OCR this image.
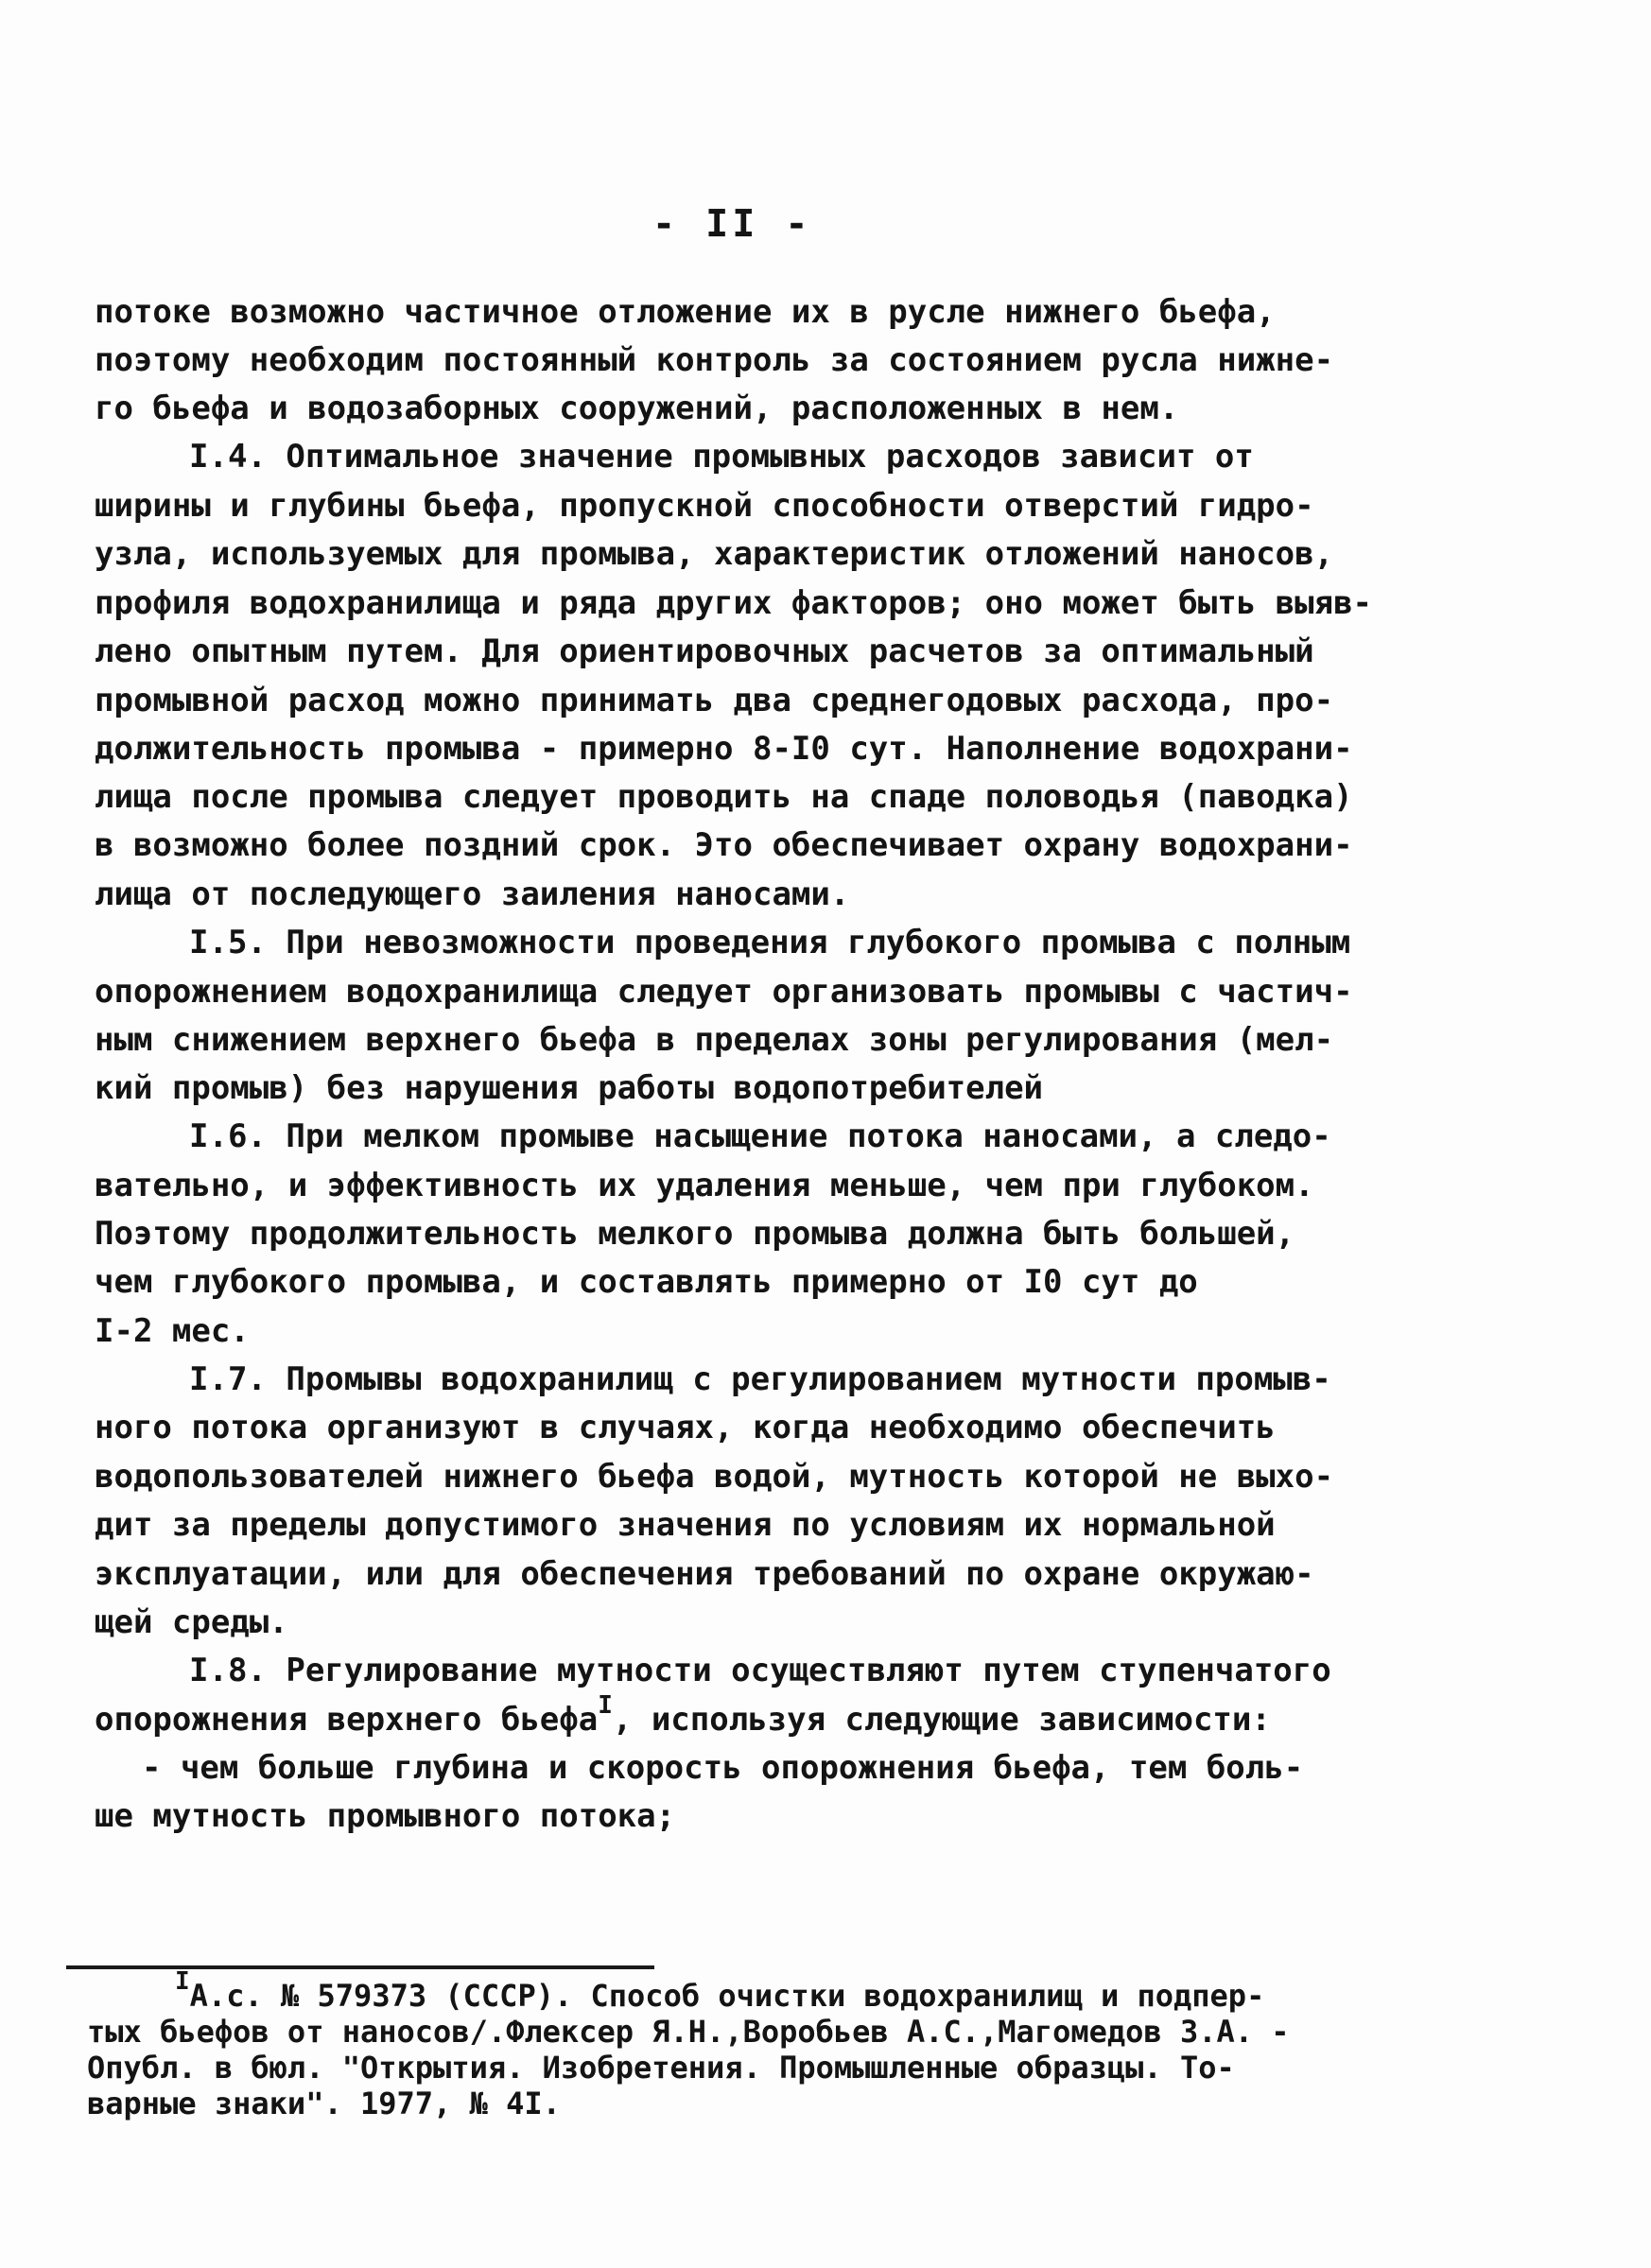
- II -
потоке возможно частичное отложение их в русле нижнего бьефа,
поэтому необходим постоянный контроль за состоянием русла нижне-
го бьефа и водозаборных сооружений, расположенных в нем.
I.4. Оптимальное значение промывных расходов зависит от
ширины и глубины бьефа, пропускной способности отверстий гидро-
узла, используемых для промыва, характеристик отложений наносов,
профиля водохранилища и ряда других факторов; оно может быть выяв-
лено опытным путем. Для ориентировочных расчетов за оптимальный
промывной расход можно принимать два среднегодовых расхода, про-
должительность промыва - примерно 8-I0 сут. Наполнение водохрани-
лища после промыва следует проводить на спаде половодья (паводка)
в возможно более поздний срок. Это обеспечивает охрану водохрани-
лища от последующего заиления наносами.
I.5. При невозможности проведения глубокого промыва с полным
опорожнением водохранилища следует организовать промывы с частич-
ным снижением верхнего бьефа в пределах зоны регулирования (мел-
кий промыв) без нарушения работы водопотребителей
I.6. При мелком промыве насыщение потока наносами, а следо-
вательно, и эффективность их удаления меньше, чем при глубоком.
Поэтому продолжительность мелкого промыва должна быть большей,
чем глубокого промыва, и составлять примерно от I0 сут до
I-2 мес.
I.7. Промывы водохранилищ с регулированием мутности промыв-
ного потока организуют в случаях, когда необходимо обеспечить
водопользователей нижнего бьефа водой, мутность которой не выхо-
дит за пределы допустимого значения по условиям их нормальной
эксплуатации, или для обеспечения требований по охране окружаю-
щей среды.
I.8. Регулирование мутности осуществляют путем ступенчатого
опорожнения верхнего бьефа$^I$, используя следующие зависимости:
- чем больше глубина и скорость опорожнения бьефа, тем боль-
ше мутность промывного потока;
$^I$А.с. № 579373 (СССР). Способ очистки водохранилищ и подпер-
тых бьефов от наносов/.Флексер Я.Н.,Воробьев А.С.,Магомедов З.А. -
Опубл. в бюл. "Открытия. Изобретения. Промышленные образцы. То-
варные знаки". 1977, № 4I.
